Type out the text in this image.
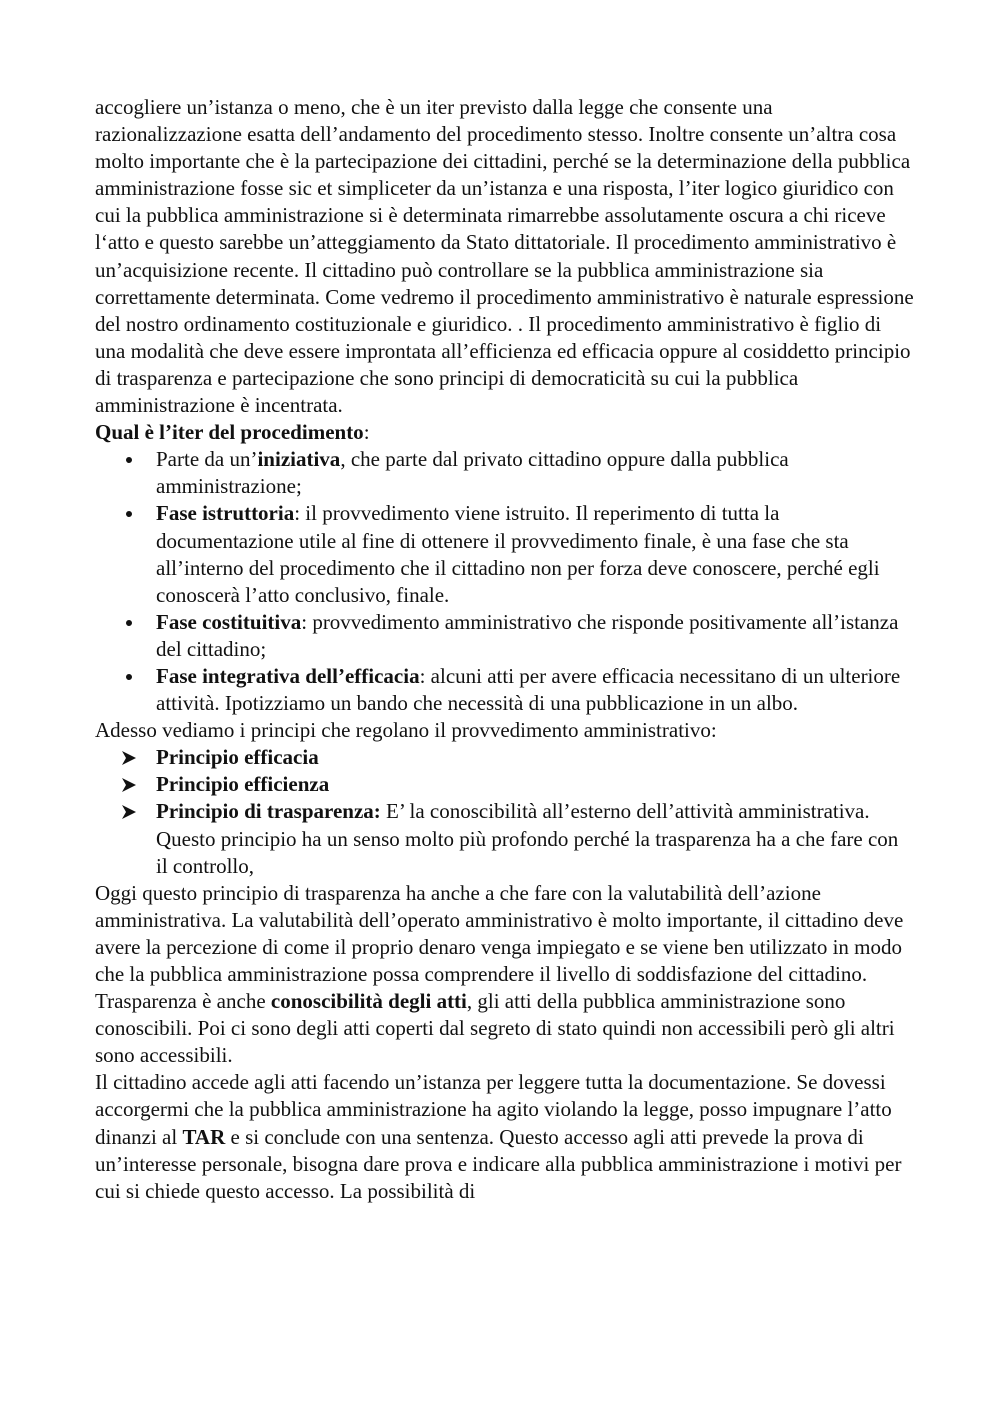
accogliere un’istanza o meno, che è un iter previsto dalla legge che consente una razionalizzazione esatta dell’andamento del procedimento stesso. Inoltre consente un’altra cosa molto importante che è la partecipazione dei cittadini, perché se la determinazione della pubblica amministrazione fosse sic et simpliceter da un’istanza e una risposta, l’iter logico giuridico con cui la pubblica amministrazione si è determinata rimarrebbe assolutamente oscura a chi riceve l‘atto e questo sarebbe un’atteggiamento da Stato dittatoriale. Il procedimento amministrativo è un’acquisizione recente. Il cittadino può controllare se la pubblica amministrazione sia correttamente determinata. Come vedremo il procedimento amministrativo è naturale espressione del nostro ordinamento costituzionale e giuridico. . Il procedimento amministrativo è figlio di una modalità che deve essere improntata all’efficienza ed efficacia oppure al cosiddetto principio di trasparenza e partecipazione che sono principi di democraticità su cui la pubblica amministrazione è incentrata.

Qual è l’iter del procedimento:

Parte da un’iniziativa, che parte dal privato cittadino oppure dalla pubblica amministrazione;
Fase istruttoria: il provvedimento viene istruito. Il reperimento di tutta la documentazione utile al fine di ottenere il provvedimento finale, è una fase che sta all’interno del procedimento che il cittadino non per forza deve conoscere, perché egli conoscerà l’atto conclusivo, finale.
Fase costituitiva: provvedimento amministrativo che risponde positivamente all’istanza del cittadino;
Fase integrativa dell’efficacia: alcuni atti per avere efficacia necessitano di un ulteriore attività. Ipotizziamo un bando che necessità di una pubblicazione in un albo.

Adesso vediamo i principi che regolano il provvedimento amministrativo:

Principio efficacia
Principio efficienza
Principio di trasparenza: E’ la conoscibilità all’esterno dell’attività amministrativa. Questo principio ha un senso molto più profondo perché la trasparenza ha a che fare con il controllo,

Oggi questo principio di trasparenza ha anche a che fare con la valutabilità dell’azione amministrativa. La valutabilità dell’operato amministrativo è molto importante, il cittadino deve avere la percezione di come il proprio denaro venga impiegato e se viene ben utilizzato in modo che la pubblica amministrazione possa comprendere il livello di soddisfazione del cittadino. Trasparenza è anche conoscibilità degli atti, gli atti della pubblica amministrazione sono conoscibili. Poi ci sono degli atti coperti dal segreto di stato quindi non accessibili però gli altri sono accessibili.

Il cittadino accede agli atti facendo un’istanza per leggere tutta la documentazione. Se dovessi accorgermi che la pubblica amministrazione ha agito violando la legge, posso impugnare l’atto dinanzi al TAR e si conclude con una sentenza. Questo accesso agli atti prevede la prova di un’interesse personale, bisogna dare prova e indicare alla pubblica amministrazione i motivi per cui si chiede questo accesso. La possibilità di
